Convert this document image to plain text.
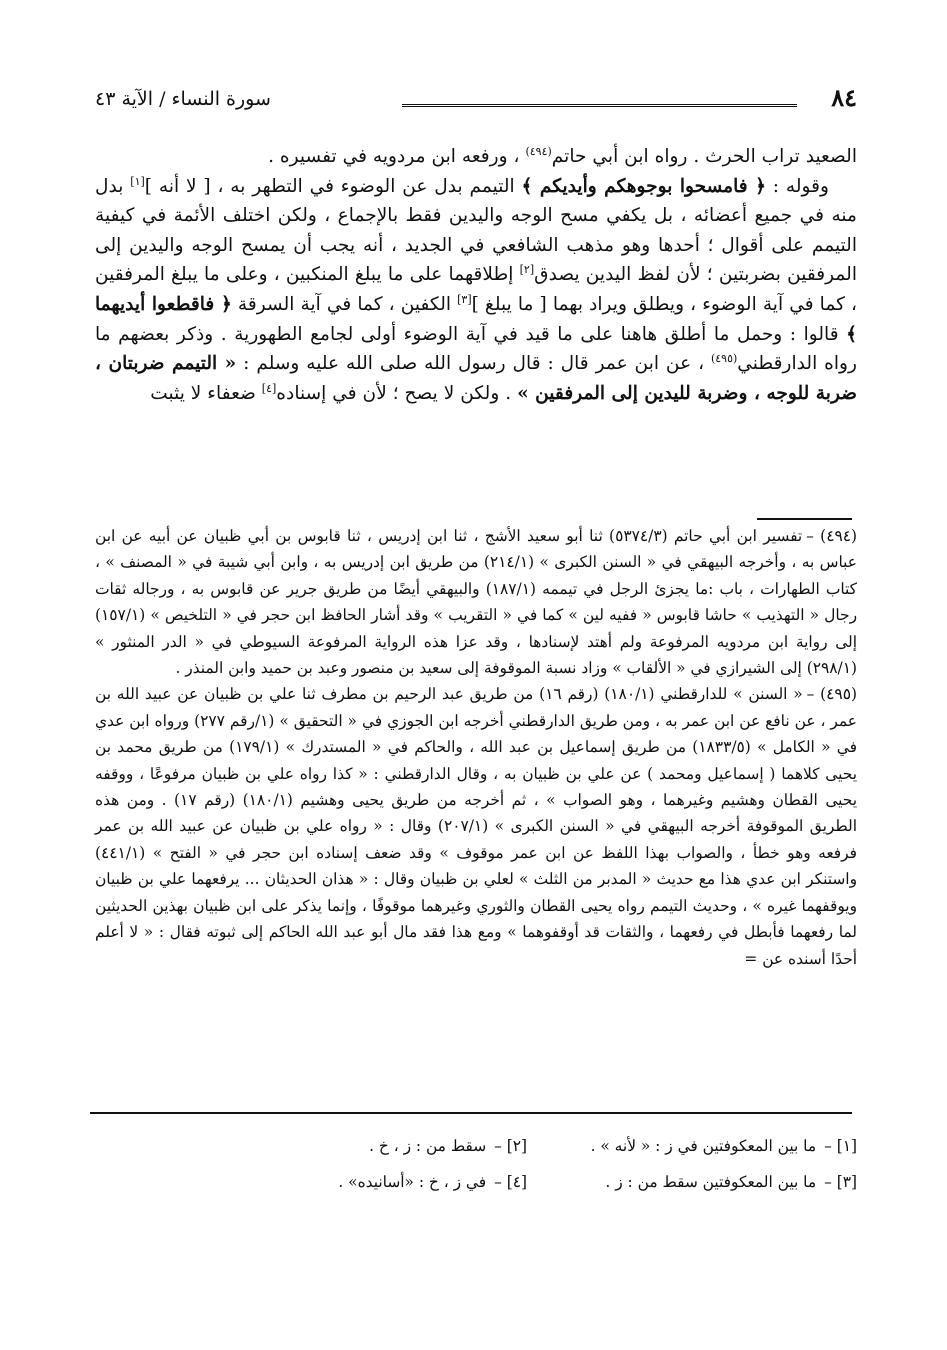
٨٤
سورة النساء / الآية ٤٣

الصعيد تراب الحرث . رواه ابن أبي حاتم$^{(٤٩٤)}$ ، ورفعه ابن مردويه في تفسيره .

وقوله : ﴿ فامسحوا بوجوهكم وأيديكم ﴾ التيمم بدل عن الوضوء في التطهر به ، [ لا أنه ][١] بدل منه في جميع أعضائه ، بل يكفي مسح الوجه واليدين فقط بالإجماع ، ولكن اختلف الأئمة في كيفية التيمم على أقوال ؛ أحدها وهو مذهب الشافعي في الجديد ، أنه يجب أن يمسح الوجه واليدين إلى المرفقين بضربتين ؛ لأن لفظ اليدين يصدق[٢] إطلاقهما على ما يبلغ المنكبين ، وعلى ما يبلغ المرفقين ، كما في آية الوضوء ، ويطلق ويراد بهما [ ما يبلغ ][٣] الكفين ، كما في آية السرقة ﴿ فاقطعوا أيديهما ﴾ قالوا : وحمل ما أطلق هاهنا على ما قيد في آية الوضوء أولى لجامع الطهورية . وذكر بعضهم ما رواه الدارقطني$^{(٤٩٥)}$ ، عن ابن عمر قال : قال رسول الله صلى الله عليه وسلم : « التيمم ضربتان ، ضربة للوجه ، وضربة لليدين إلى المرفقين » . ولكن لا يصح ؛ لأن في إسناده[٤] ضعفاء لا يثبت

(٤٩٤) –تفسير ابن أبي حاتم (٥٣٧٤/٣) ثنا أبو سعيد الأشج ، ثنا ابن إدريس ، ثنا قابوس بن أبي ظبيان عن أبيه عن ابن عباس به ، وأخرجه البيهقي في « السنن الكبرى » (٢١٤/١) من طريق ابن إدريس به ، وابن أبي شيبة في « المصنف » ، كتاب الطهارات ، باب :ما يجزئ الرجل في تيممه (١٨٧/١) والبيهقي أيضًا من طريق جرير عن قابوس به ، ورجاله ثقات رجال « التهذيب » حاشا قابوس « ففيه لين » كما في « التقريب » وقد أشار الحافظ ابن حجر في « التلخيص » (١٥٧/١) إلى رواية ابن مردويه المرفوعة ولم أهتد لإسنادها ، وقد عزا هذه الرواية المرفوعة السيوطي في « الدر المنثور » (٢٩٨/١) إلى الشيرازي في « الألقاب » وزاد نسبة الموقوفة إلى سعيد بن منصور وعبد بن حميد وابن المنذر .

(٤٩٥) –« السنن » للدارقطني (١٨٠/١) (رقم ١٦) من طريق عبد الرحيم بن مطرف ثنا علي بن ظبيان عن عبيد الله بن عمر ، عن نافع عن ابن عمر به ، ومن طريق الدارقطني أخرجه ابن الجوزي في « التحقيق » (١/رقم ٢٧٧) ورواه ابن عدي في « الكامل » (١٨٣٣/٥) من طريق إسماعيل بن عبد الله ، والحاكم في « المستدرك » (١٧٩/١) من طريق محمد بن يحيى كلاهما ( إسماعيل ومحمد ) عن علي بن ظبيان به ، وقال الدارقطني : « كذا رواه علي بن ظبيان مرفوعًا ، ووقفه يحيى القطان وهشيم وغيرهما ، وهو الصواب » ، ثم أخرجه من طريق يحيى وهشيم (١٨٠/١) (رقم ١٧) . ومن هذه الطريق الموقوفة أخرجه البيهقي في « السنن الكبرى » (٢٠٧/١) وقال : « رواه علي بن ظبيان عن عبيد الله بن عمر فرفعه وهو خطأ ، والصواب بهذا اللفظ عن ابن عمر موقوف » وقد ضعف إسناده ابن حجر في « الفتح » (٤٤١/١) واستنكر ابن عدي هذا مع حديث « المدبر من الثلث » لعلي بن ظبيان وقال : « هذان الحديثان ... يرفعهما علي بن ظبيان ويوقفهما غيره » ، وحديث التيمم رواه يحيى القطان والثوري وغيرهما موقوفًا ، وإنما يذكر على ابن ظبيان بهذين الحديثين لما رفعهما فأبطل في رفعهما ، والثقات قد أوقفوهما » ومع هذا فقد مال أبو عبد الله الحاكم إلى ثبوته فقال : « لا أعلم أحدًا أسنده عن =

[١] –ما بين المعكوفتين في ز : « لأنه » .
[٢] –سقط من : ز ، خ .
[٣] –ما بين المعكوفتين سقط من : ز .
[٤] –في ز ، خ : «أسانيده» .
